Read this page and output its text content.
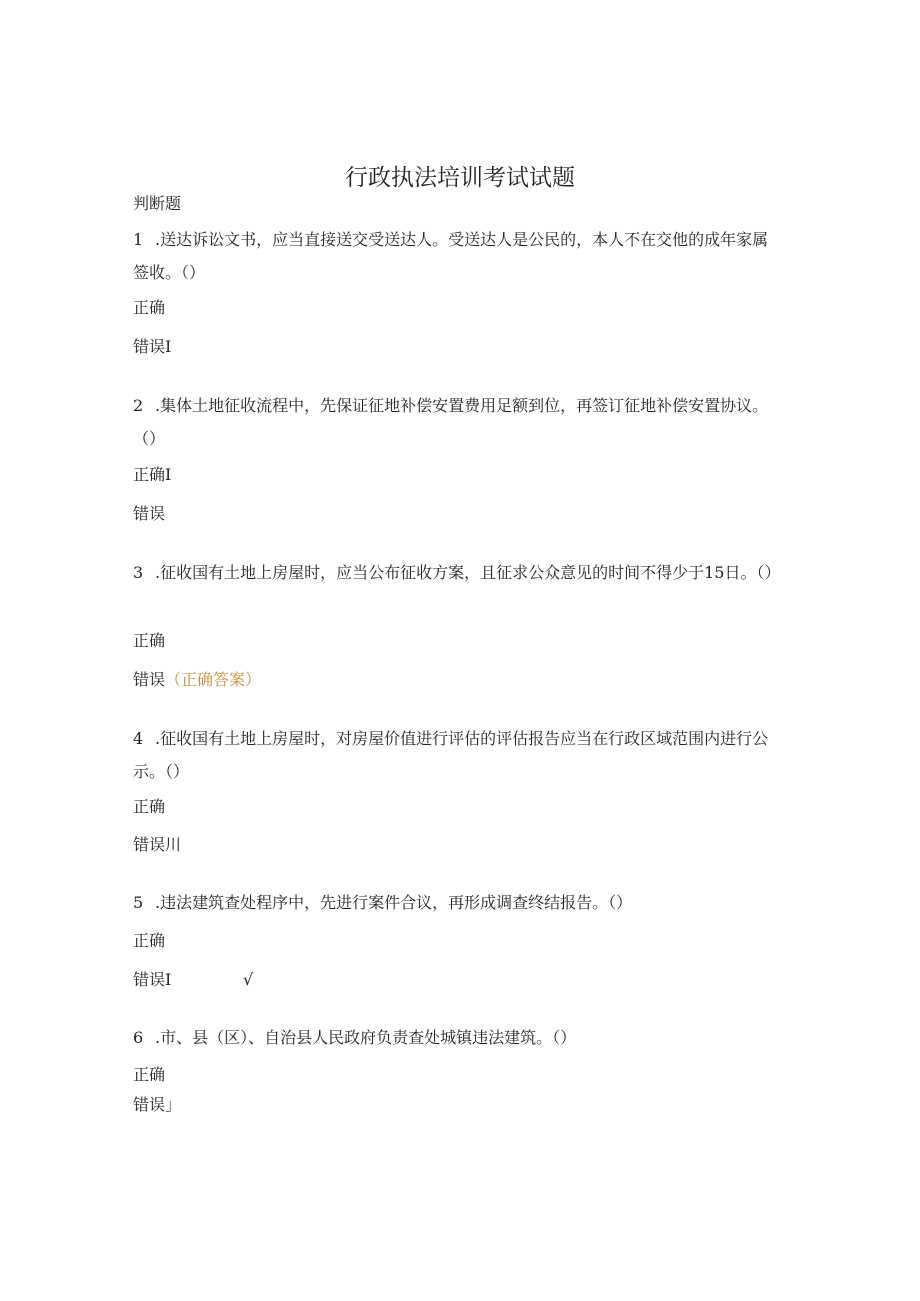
行政执法培训考试试题
判断题
1 .送达诉讼文书，应当直接送交受送达人。受送达人是公民的，本人不在交他的成年家属签收。（）
正确
错误Ⅰ
2 .集体土地征收流程中，先保证征地补偿安置费用足额到位，再签订征地补偿安置协议。（）
正确Ⅰ
错误
3 .征收国有土地上房屋时，应当公布征收方案，且征求公众意见的时间不得少于15日。（）
正确
错误（正确答案）
4 .征收国有土地上房屋时，对房屋价值进行评估的评估报告应当在行政区域范围内进行公示。（）
正确
错误川
5 .违法建筑查处程序中，先进行案件合议，再形成调查终结报告。（）
正确
错误Ⅰ	√
6 .市、县（区）、自治县人民政府负责查处城镇违法建筑。（）
正确
错误」
